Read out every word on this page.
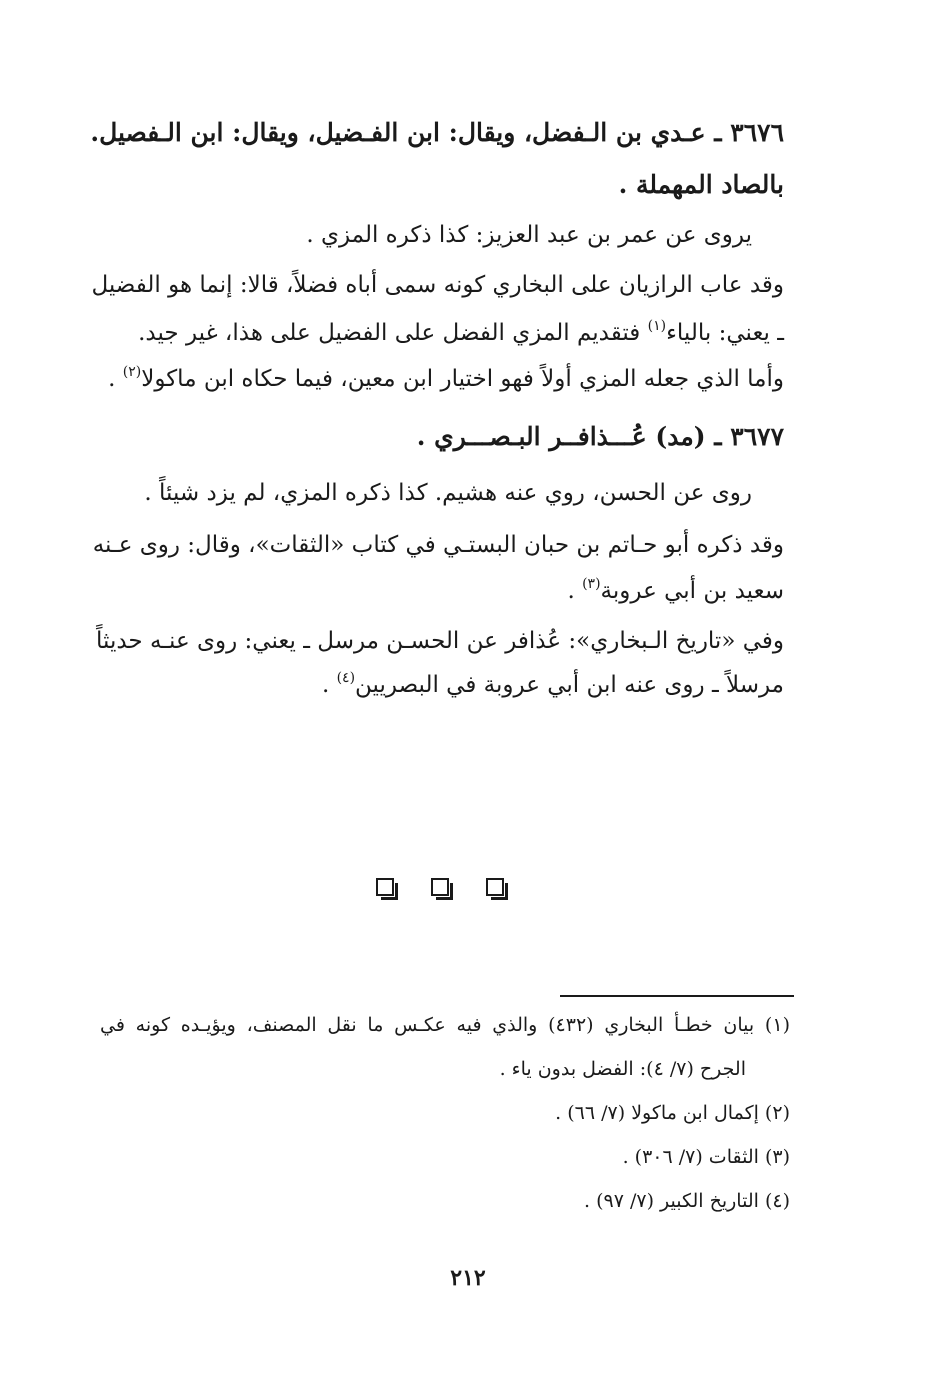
٣٦٧٦ ـ عـدي بن الـفضل، ويقال: ابن الفـضيل، ويقال: ابن الـفصيل.
بالصاد المهملة .
يروى عن عمر بن عبد العزيز: كذا ذكره المزي .
وقد عاب الرازيان على البخاري كونه سمى أباه فضلاً، قالا: إنما هو الفضيل
ـ يعني: بالياء$^{(١)}$ فتقديم المزي الفضل على الفضيل على هذا، غير جيد.
وأما الذي جعله المزي أولاً فهو اختيار ابن معين، فيما حكاه ابن ماكولا$^{(٢)}$ .
٣٦٧٧ ـ (مد) عُـــذافــر البـصـــري .
روى عن الحسن، روي عنه هشيم. كذا ذكره المزي، لم يزد شيئاً .
وقد ذكره أبو حـاتم بن حبان البستـي في كتاب «الثقات»، وقال: روى عـنه
سعيد بن أبي عروبة$^{(٣)}$ .
وفي «تاريخ الـبخاري»: عُذافر عن الحسـن مرسل ـ يعني: روى عنـه حديثاً
مرسلاً ـ روى عنه ابن أبي عروبة في البصريين$^{(٤)}$ .
(١) بيان خطـأ البخاري (٤٣٢) والذي فيه عكـس ما نقل المصنف، ويؤيـده كونه في
الجرح (٧/ ٤): الفضل بدون ياء .
(٢) إكمال ابن ماكولا (٧/ ٦٦) .
(٣) الثقات (٧/ ٣٠٦) .
(٤) التاريخ الكبير (٧/ ٩٧) .
٢١٢
